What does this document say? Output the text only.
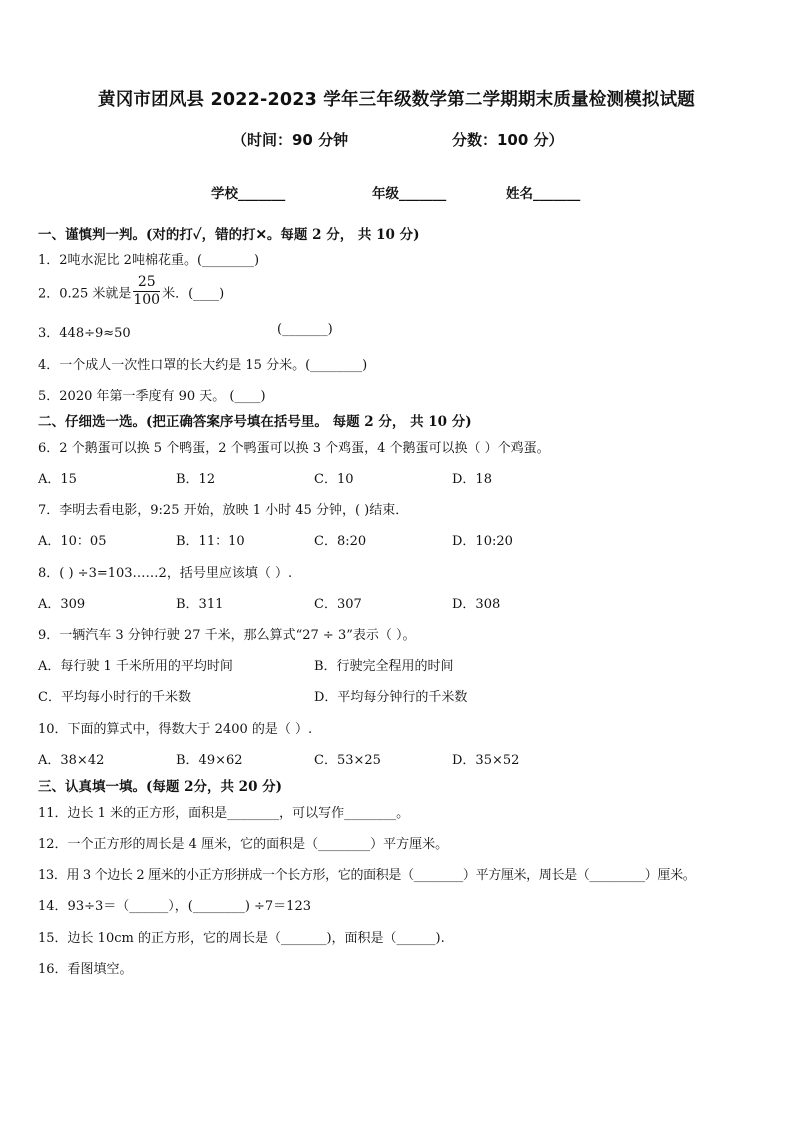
黄冈市团风县 2022-2023 学年三年级数学第二学期期末质量检测模拟试题
（时间：90 分钟	分数：100 分）
学校_______	年级_______	姓名_______
一、谨慎判一判。(对的打✓，错的打✕。每题 2 分， 共 10 分)
1．2吨水泥比 2吨棉花重。(________)
2．0.25 米就是 $\frac{25}{100}$ 米．(____)
3．448÷9≈50	(_______)
4．一个成人一次性口罩的长大约是 15 分米。(________)
5．2020 年第一季度有 90 天。 (____)
二、仔细选一选。(把正确答案序号填在括号里。 每题 2 分， 共 10 分)
6．2 个鹅蛋可以换 5 个鸭蛋，2 个鸭蛋可以换 3 个鸡蛋，4 个鹅蛋可以换（ ）个鸡蛋。
A．15	B．12	C．10	D．18
7．李明去看电影，9:25 开始，放映 1 小时 45 分钟，( )结束．
A．10：05	B．11：10	C．8:20	D．10:20
8．( ) ÷3=103……2，括号里应该填（ ）.
A．309	B．311	C．307	D．308
9．一辆汽车 3 分钟行驶 27 千米，那么算式“27 ÷ 3”表示（ ）。
A．每行驶 1 千米所用的平均时间	B．行驶完全程用的时间
C．平均每小时行的千米数	D．平均每分钟行的千米数
10．下面的算式中，得数大于 2400 的是（ ）.
A．38×42	B．49×62	C．53×25	D．35×52
三、认真填一填。(每题 2分，共 20 分)
11．边长 1 米的正方形，面积是________，可以写作________。
12．一个正方形的周长是 4 厘米，它的面积是（________）平方厘米。
13．用 3 个边长 2 厘米的小正方形拼成一个长方形，它的面积是（________）平方厘米，周长是（_________）厘米。
14．93÷3＝（______），(________) ÷7＝123
15．边长 10cm 的正方形，它的周长是（_______)，面积是（______).
16．看图填空。
